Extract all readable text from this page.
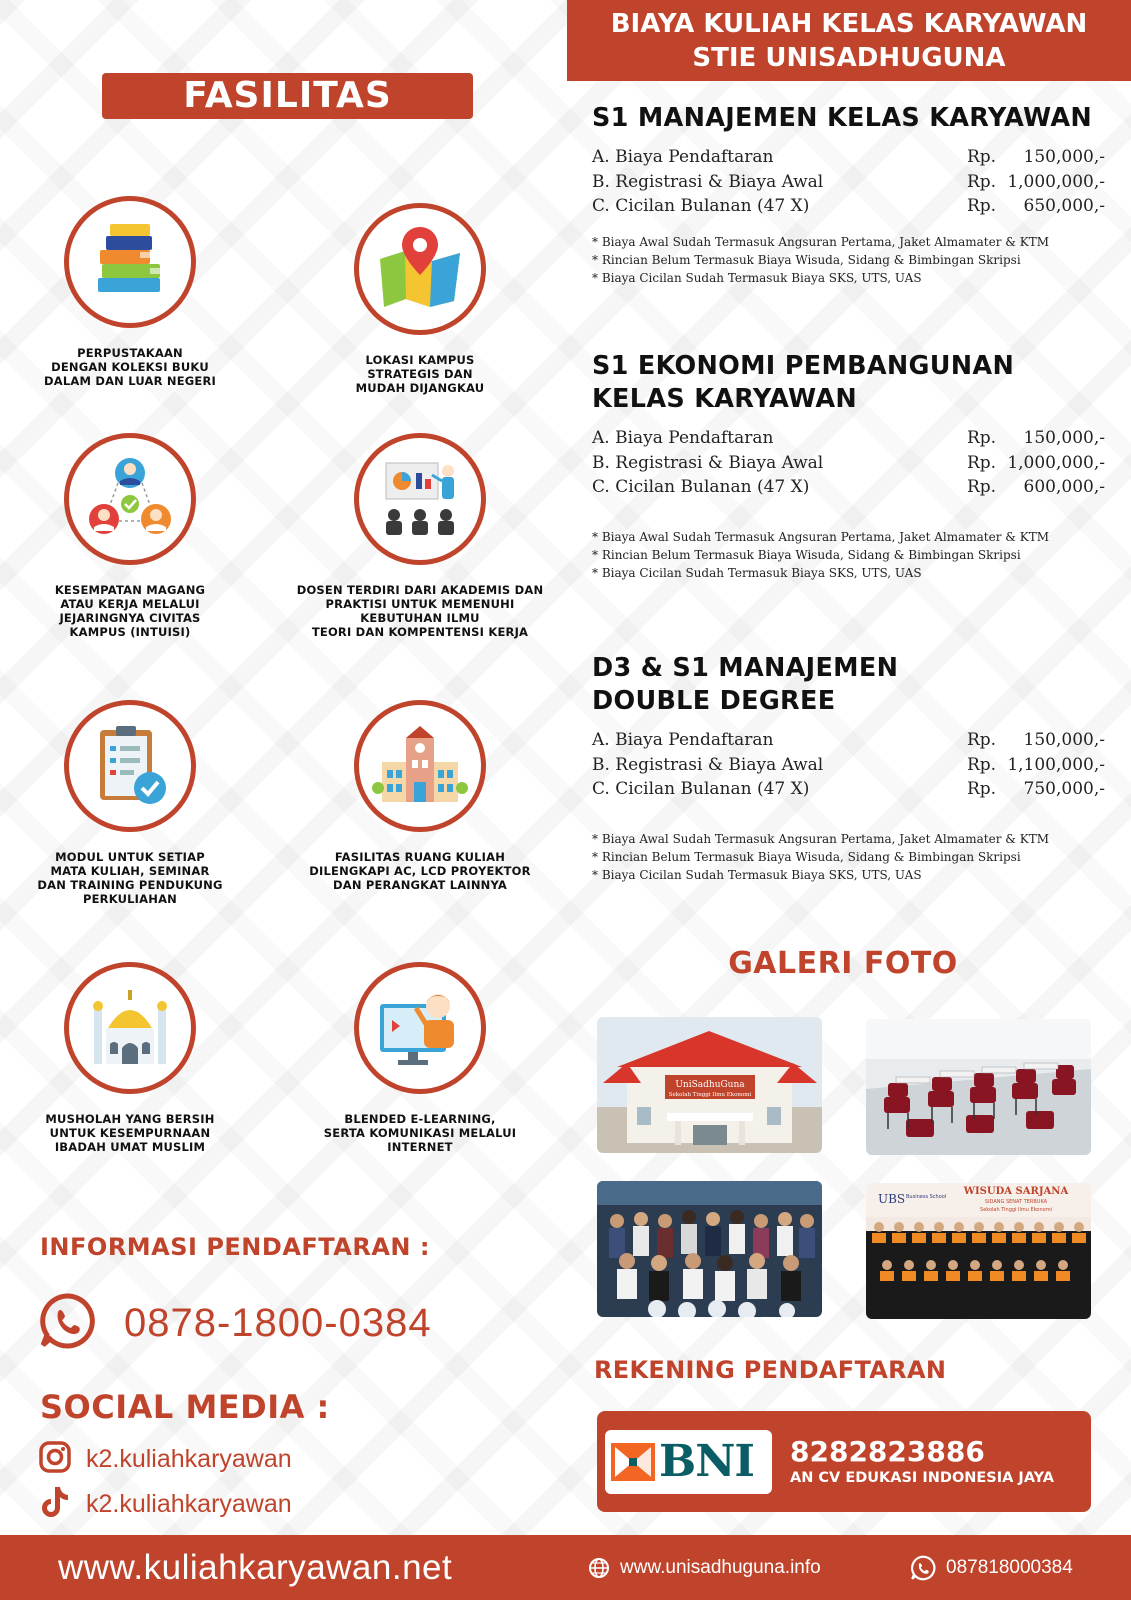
BIAYA KULIAH KELAS KARYAWAN
STIE UNISADHUGUNA
FASILITAS
PERPUSTAKAAN
DENGAN KOLEKSI BUKU
DALAM DAN LUAR NEGERI
LOKASI KAMPUS
STRATEGIS DAN
MUDAH DIJANGKAU
KESEMPATAN MAGANG
ATAU KERJA MELALUI
JEJARINGNYA CIVITAS
KAMPUS (INTUISI)
DOSEN TERDIRI DARI AKADEMIS DAN
PRAKTISI UNTUK MEMENUHI
KEBUTUHAN ILMU
TEORI DAN KOMPENTENSI KERJA
MODUL UNTUK SETIAP
MATA KULIAH, SEMINAR
DAN TRAINING PENDUKUNG
PERKULIAHAN
FASILITAS RUANG KULIAH
DILENGKAPI AC, LCD PROYEKTOR
DAN PERANGKAT LAINNYA
MUSHOLAH YANG BERSIH
UNTUK KESEMPURNAAN
IBADAH UMAT MUSLIM
BLENDED E-LEARNING,
SERTA KOMUNIKASI MELALUI
INTERNET
INFORMASI PENDAFTARAN :
0878-1800-0384
SOCIAL MEDIA :
k2.kuliahkaryawan
k2.kuliahkaryawan
S1 MANAJEMEN KELAS KARYAWAN
A. Biaya Pendaftaran	Rp.	150,000,-
B. Registrasi & Biaya Awal	Rp. 1,000,000,-
C. Cicilan Bulanan (47 X)	Rp.	650,000,-
* Biaya Awal Sudah Termasuk Angsuran Pertama, Jaket Almamater & KTM
* Rincian Belum Termasuk Biaya Wisuda, Sidang & Bimbingan Skripsi
* Biaya Cicilan Sudah Termasuk Biaya SKS, UTS, UAS
S1 EKONOMI PEMBANGUNAN
KELAS KARYAWAN
A. Biaya Pendaftaran	Rp.	150,000,-
B. Registrasi & Biaya Awal	Rp. 1,000,000,-
C. Cicilan Bulanan (47 X)	Rp.	600,000,-
* Biaya Awal Sudah Termasuk Angsuran Pertama, Jaket Almamater & KTM
* Rincian Belum Termasuk Biaya Wisuda, Sidang & Bimbingan Skripsi
* Biaya Cicilan Sudah Termasuk Biaya SKS, UTS, UAS
D3 & S1 MANAJEMEN
DOUBLE DEGREE
A. Biaya Pendaftaran	Rp.	150,000,-
B. Registrasi & Biaya Awal	Rp. 1,100,000,-
C. Cicilan Bulanan (47 X)	Rp.	750,000,-
* Biaya Awal Sudah Termasuk Angsuran Pertama, Jaket Almamater & KTM
* Rincian Belum Termasuk Biaya Wisuda, Sidang & Bimbingan Skripsi
* Biaya Cicilan Sudah Termasuk Biaya SKS, UTS, UAS
GALERI FOTO
UniSadhuGuna
Sekolah Tinggi Ilmu Ekonomi
UBS Business School WISUDA SARJANA
SIDANG SENAT TERBUKA
Sekolah Tinggi Ilmu Ekonomi
REKENING PENDAFTARAN
BNI 8282823886
AN CV EDUKASI INDONESIA JAYA
www.kuliahkaryawan.net	www.unisadhuguna.info	087818000384
